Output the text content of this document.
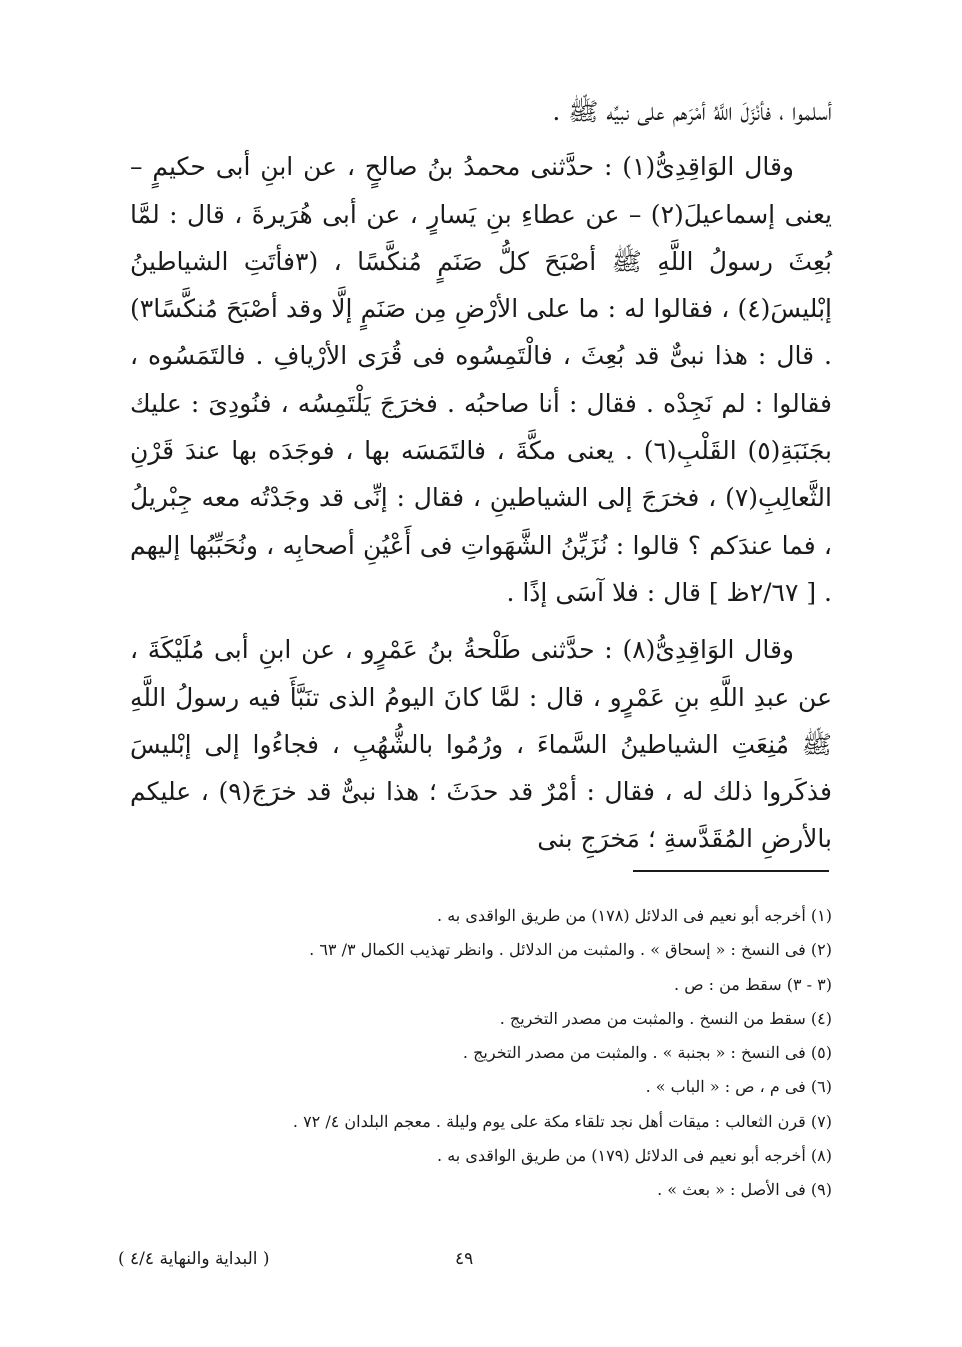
أسلموا ، فأنْزَلَ اللَّهُ أمْرَهم على نبيِّه ﷺ .

وقال الوَاقِدِىُّ(١) : حدَّثنى محمدُ بنُ صالحٍ ، عن ابنِ أبى حكيمٍ – يعنى إسماعيلَ(٢) – عن عطاءِ بنِ يَسارٍ ، عن أبى هُرَيرةَ ، قال : لمَّا بُعِثَ رسولُ اللَّهِ ﷺ أصْبَحَ كلُّ صَنَمٍ مُنكَّسًا ، (٣فأتَتِ الشياطينُ إبْليسَ(٤) ، فقالوا له : ما على الأرْضِ مِن صَنَمٍ إلَّا وقد أصْبَحَ مُنكَّسًا٣) . قال : هذا نبىٌّ قد بُعِثَ ، فالْتَمِسُوه فى قُرَى الأرْيافِ . فالتَمَسُوه ، فقالوا : لم نَجِدْه . فقال : أنا صاحبُه . فخرَجَ يَلْتَمِسُه ، فنُودِىَ : عليك بجَنَبَةِ(٥) القَلْبِ(٦) . يعنى مكَّةَ ، فالتَمَسَه بها ، فوجَدَه بها عندَ قَرْنِ الثَّعالِبِ(٧) ، فخرَجَ إلى الشياطينِ ، فقال : إنِّى قد وجَدْتُه معه جِبْريلُ ، فما عندَكم ؟ قالوا : نُزَيِّنُ الشَّهَواتِ فى أَعْيُنِ أصحابِه ، ونُحَبِّبُها إليهم . [ ٢/٦٧ظ ] قال : فلا آسَى إذًا .

وقال الوَاقِدِىُّ(٨) : حدَّثنى طَلْحةُ بنُ عَمْرٍو ، عن ابنِ أبى مُلَيْكَةَ ، عن عبدِ اللَّهِ بنِ عَمْرٍو ، قال : لمَّا كانَ اليومُ الذى تنَبَّأَ فيه رسولُ اللَّهِ ﷺ مُنِعَتِ الشياطينُ السَّماءَ ، ورُمُوا بالشُّهُبِ ، فجاءُوا إلى إبْليسَ فذكَروا ذلك له ، فقال : أمْرٌ قد حدَثَ ؛ هذا نبىٌّ قد خرَجَ(٩) ، عليكم بالأرضِ المُقَدَّسةِ ؛ مَخرَجِ بنى

(١) أخرجه أبو نعيم فى الدلائل (١٧٨) من طريق الواقدى به .

(٢) فى النسخ : « إسحاق » . والمثبت من الدلائل . وانظر تهذيب الكمال ٣/ ٦٣ .

(٣ - ٣) سقط من : ص .

(٤) سقط من النسخ . والمثبت من مصدر التخريج .

(٥) فى النسخ : « بجنبة » . والمثبت من مصدر التخريج .

(٦) فى م ، ص : « الباب » .

(٧) قرن الثعالب : ميقات أهل نجد تلقاء مكة على يوم وليلة . معجم البلدان ٤/ ٧٢ .

(٨) أخرجه أبو نعيم فى الدلائل (١٧٩) من طريق الواقدى به .

(٩) فى الأصل : « بعث » .

٤٩
( البداية والنهاية ٤/٤ )
